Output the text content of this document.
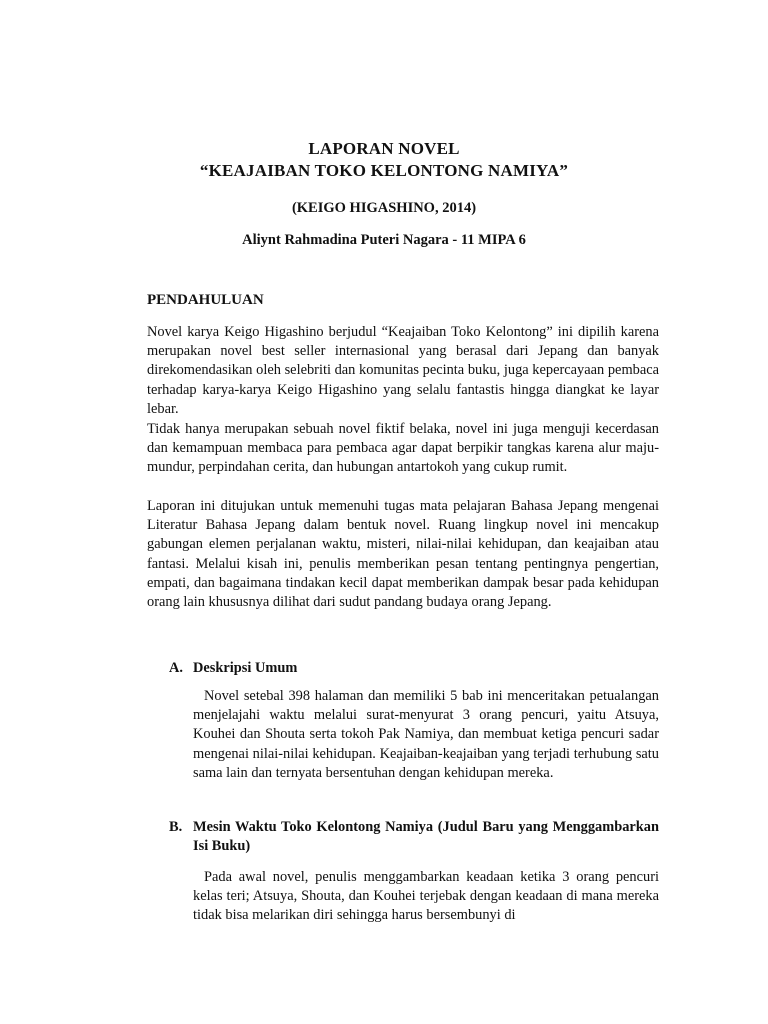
LAPORAN NOVEL
“KEAJAIBAN TOKO KELONTONG NAMIYA”
(KEIGO HIGASHINO, 2014)
Aliynt Rahmadina Puteri Nagara - 11 MIPA 6
PENDAHULUAN

Novel karya Keigo Higashino berjudul “Keajaiban Toko Kelontong” ini dipilih karena merupakan novel best seller internasional yang berasal dari Jepang dan banyak direkomendasikan oleh selebriti dan komunitas pecinta buku, juga kepercayaan pembaca terhadap karya-karya Keigo Higashino yang selalu fantastis hingga diangkat ke layar lebar.

Tidak hanya merupakan sebuah novel fiktif belaka, novel ini juga menguji kecerdasan dan kemampuan membaca para pembaca agar dapat berpikir tangkas karena alur maju-mundur, perpindahan cerita, dan hubungan antartokoh yang cukup rumit.

Laporan ini ditujukan untuk memenuhi tugas mata pelajaran Bahasa Jepang mengenai Literatur Bahasa Jepang dalam bentuk novel. Ruang lingkup novel ini mencakup gabungan elemen perjalanan waktu, misteri, nilai-nilai kehidupan, dan keajaiban atau fantasi. Melalui kisah ini, penulis memberikan pesan tentang pentingnya pengertian, empati, dan bagaimana tindakan kecil dapat memberikan dampak besar pada kehidupan orang lain khususnya dilihat dari sudut pandang budaya orang Jepang.

A. Deskripsi Umum

Novel setebal 398 halaman dan memiliki 5 bab ini menceritakan petualangan menjelajahi waktu melalui surat-menyurat 3 orang pencuri, yaitu Atsuya, Kouhei dan Shouta serta tokoh Pak Namiya, dan membuat ketiga pencuri sadar mengenai nilai-nilai kehidupan. Keajaiban-keajaiban yang terjadi terhubung satu sama lain dan ternyata bersentuhan dengan kehidupan mereka.

B. Mesin Waktu Toko Kelontong Namiya (Judul Baru yang Menggambarkan Isi Buku)

Pada awal novel, penulis menggambarkan keadaan ketika 3 orang pencuri kelas teri; Atsuya, Shouta, dan Kouhei terjebak dengan keadaan di mana mereka tidak bisa melarikan diri sehingga harus bersembunyi di
